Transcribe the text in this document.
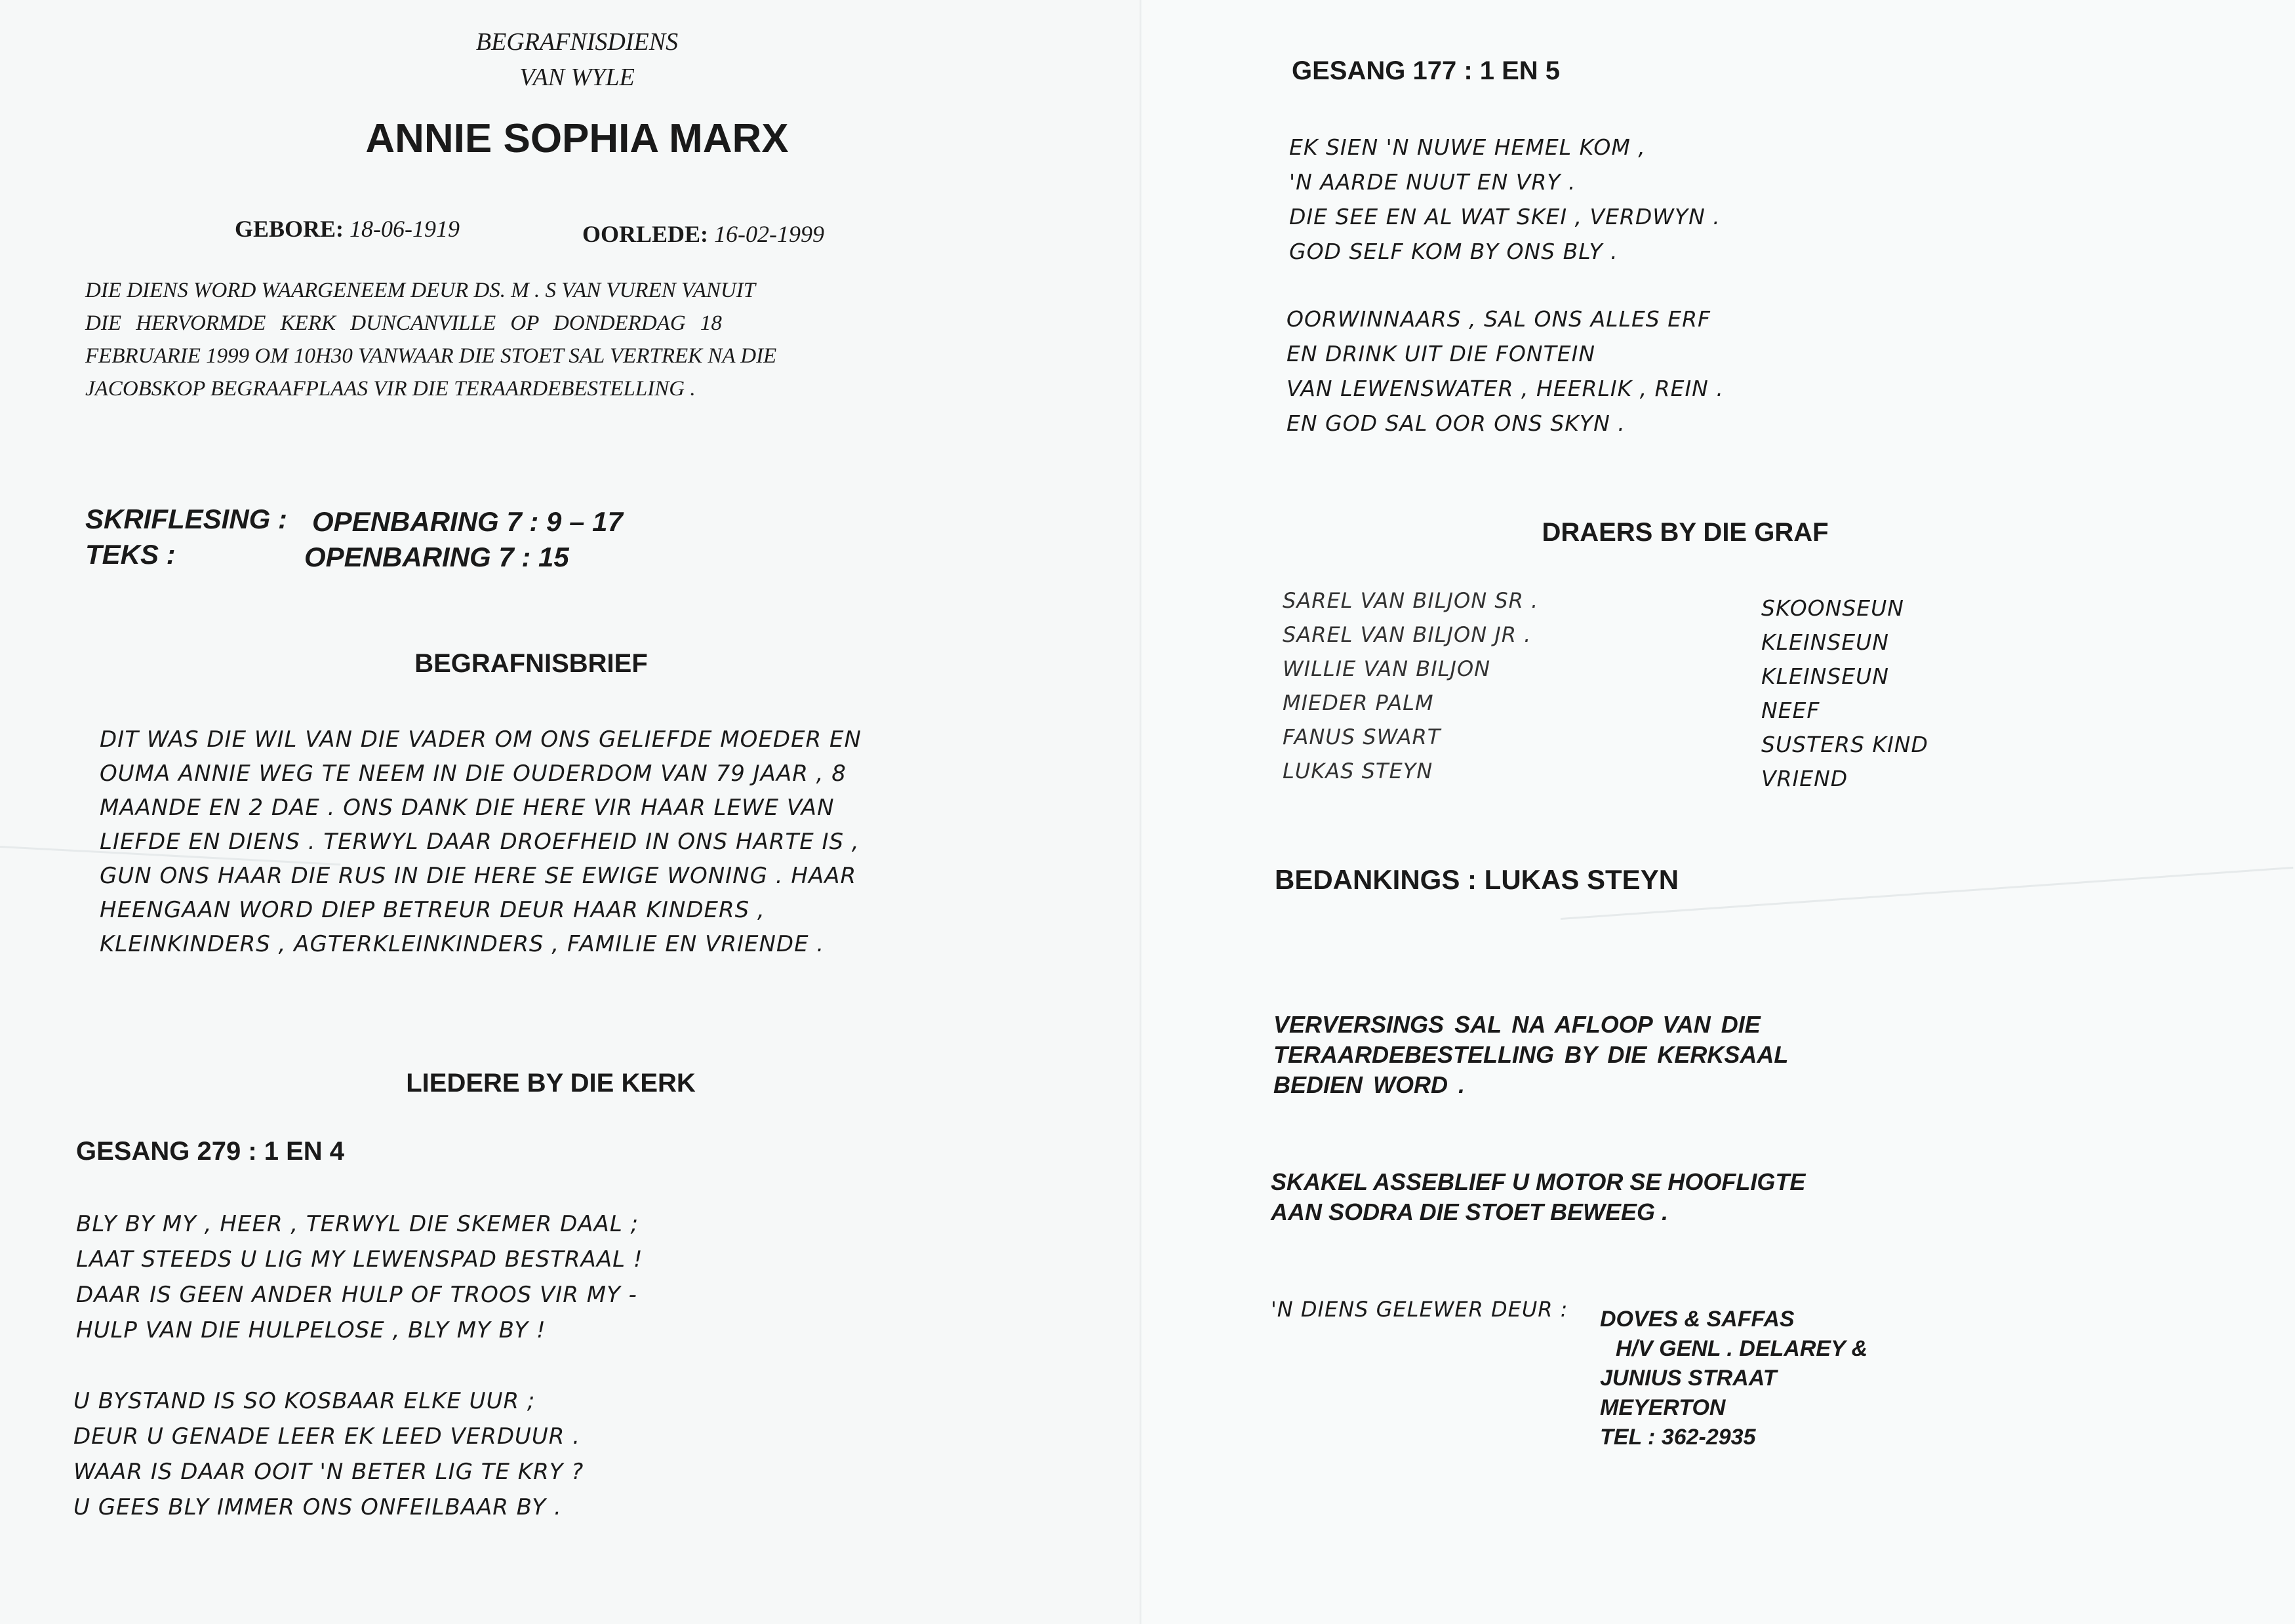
BEGRAFNISDIENS
VAN WYLE
ANNIE SOPHIA MARX
GEBORE: 18-06-1919	OORLEDE: 16-02-1999
DIE DIENS WORD WAARGENEEM DEUR DS. M . S VAN VUREN VANUIT
DIE HERVORMDE KERK DUNCANVILLE OP DONDERDAG 18
FEBRUARIE 1999 OM 10H30 VANWAAR DIE STOET SAL VERTREK NA DIE
JACOBSKOP BEGRAAFPLAAS VIR DIE TERAARDEBESTELLING .
SKRIFLESING : OPENBARING 7 : 9 – 17
TEKS :	OPENBARING 7 : 15
BEGRAFNISBRIEF
DIT WAS DIE WIL VAN DIE VADER OM ONS GELIEFDE MOEDER EN
OUMA ANNIE WEG TE NEEM IN DIE OUDERDOM VAN 79 JAAR , 8
MAANDE EN 2 DAE . ONS DANK DIE HERE VIR HAAR LEWE VAN
LIEFDE EN DIENS . TERWYL DAAR DROEFHEID IN ONS HARTE IS ,
GUN ONS HAAR DIE RUS IN DIE HERE SE EWIGE WONING . HAAR
HEENGAAN WORD DIEP BETREUR DEUR HAAR KINDERS ,
KLEINKINDERS , AGTERKLEINKINDERS , FAMILIE EN VRIENDE .
LIEDERE BY DIE KERK
GESANG 279 : 1 EN 4
BLY BY MY , HEER , TERWYL DIE SKEMER DAAL ;
LAAT STEEDS U LIG MY LEWENSPAD BESTRAAL !
DAAR IS GEEN ANDER HULP OF TROOS VIR MY -
HULP VAN DIE HULPELOSE , BLY MY BY !
U BYSTAND IS SO KOSBAAR ELKE UUR ;
DEUR U GENADE LEER EK LEED VERDUUR .
WAAR IS DAAR OOIT 'N BETER LIG TE KRY ?
U GEES BLY IMMER ONS ONFEILBAAR BY .
GESANG 177 : 1 EN 5
EK SIEN 'N NUWE HEMEL KOM ,
'N AARDE NUUT EN VRY .
DIE SEE EN AL WAT SKEI , VERDWYN .
GOD SELF KOM BY ONS BLY .
OORWINNAARS , SAL ONS ALLES ERF
EN DRINK UIT DIE FONTEIN
VAN LEWENSWATER , HEERLIK , REIN .
EN GOD SAL OOR ONS SKYN .
DRAERS BY DIE GRAF
SAREL VAN BILJON SR .
SAREL VAN BILJON JR .
WILLIE VAN BILJON
MIEDER PALM
FANUS SWART
LUKAS STEYN
SKOONSEUN
KLEINSEUN
KLEINSEUN
NEEF
SUSTERS KIND
VRIEND
BEDANKINGS : LUKAS STEYN
VERVERSINGS SAL NA AFLOOP VAN DIE
TERAARDEBESTELLING BY DIE KERKSAAL
BEDIEN WORD .
SKAKEL ASSEBLIEF U MOTOR SE HOOFLIGTE
AAN SODRA DIE STOET BEWEEG .
'N DIENS GELEWER DEUR : DOVES & SAFFAS
H/V GENL . DELAREY &
JUNIUS STRAAT
MEYERTON
TEL : 362-2935
